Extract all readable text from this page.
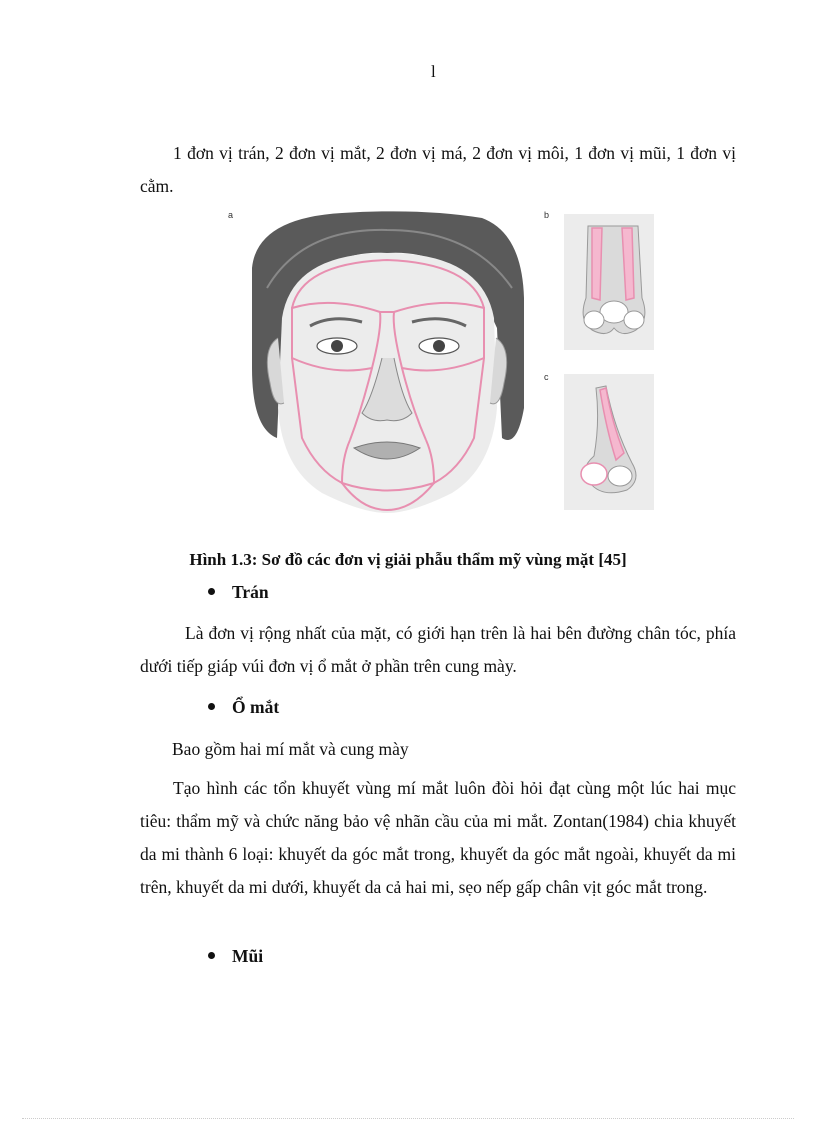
l
1 đơn vị trán, 2 đơn vị mắt, 2 đơn vị má, 2 đơn vị môi, 1 đơn vị mũi, 1 đơn vị cằm.
a	b
c
Hình 1.3: Sơ đồ các đơn vị giải phẫu thẩm mỹ vùng mặt [45]
Trán
Là đơn vị rộng nhất của mặt, có giới hạn trên là hai bên đường chân tóc, phía dưới tiếp giáp vúi đơn vị ổ mắt ở phần trên cung mày.
Ổ mắt
Bao gồm hai mí mắt và cung mày
Tạo hình các tổn khuyết vùng mí mắt luôn đòi hỏi đạt cùng một lúc hai mục tiêu: thẩm mỹ và chức năng bảo vệ nhãn cầu của mi mắt. Zontan(1984) chia khuyết da mi thành 6 loại: khuyết da góc mắt trong, khuyết da góc mắt ngoài, khuyết da mi trên, khuyết da mi dưới, khuyết da cả hai mi, sẹo nếp gấp chân vịt góc mắt trong.
Mũi
